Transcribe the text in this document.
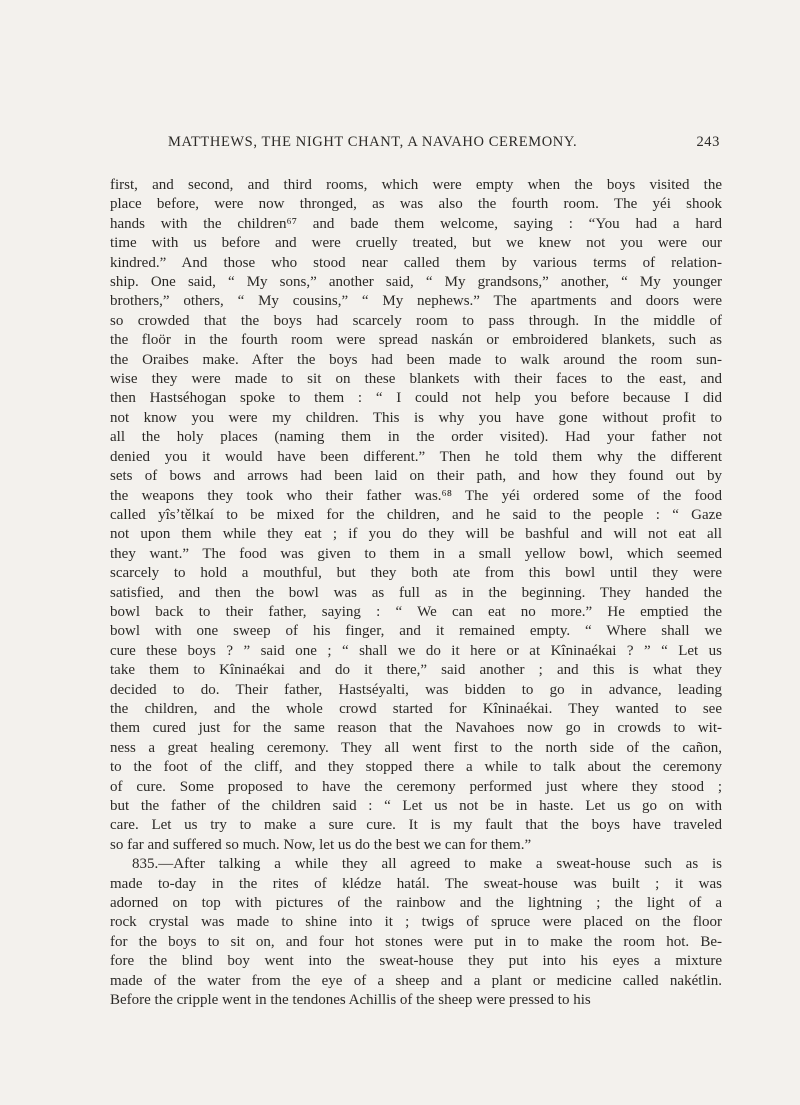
MATTHEWS, THE NIGHT CHANT, A NAVAHO CEREMONY.	243

first, and second, and third rooms, which were empty when the boys visited the

place before, were now thronged, as was also the fourth room. The yéi shook

hands with the children⁶⁷ and bade them welcome, saying : “You had a hard

time with us before and were cruelly treated, but we knew not you were our

kindred.” And those who stood near called them by various terms of relation-

ship. One said, “ My sons,” another said, “ My grandsons,” another, “ My younger

brothers,” others, “ My cousins,” “ My nephews.” The apartments and doors were

so crowded that the boys had scarcely room to pass through. In the middle of

the floör in the fourth room were spread naskán or embroidered blankets, such as

the Oraibes make. After the boys had been made to walk around the room sun-

wise they were made to sit on these blankets with their faces to the east, and

then Hastséhogan spoke to them : “ I could not help you before because I did

not know you were my children. This is why you have gone without profit to

all the holy places (naming them in the order visited). Had your father not

denied you it would have been different.” Then he told them why the different

sets of bows and arrows had been laid on their path, and how they found out by

the weapons they took who their father was.⁶⁸ The yéi ordered some of the food

called yîsʼtělkaí to be mixed for the children, and he said to the people : “ Gaze

not upon them while they eat ; if you do they will be bashful and will not eat all

they want.” The food was given to them in a small yellow bowl, which seemed

scarcely to hold a mouthful, but they both ate from this bowl until they were

satisfied, and then the bowl was as full as in the beginning. They handed the

bowl back to their father, saying : “ We can eat no more.” He emptied the

bowl with one sweep of his finger, and it remained empty. “ Where shall we

cure these boys ? ” said one ; “ shall we do it here or at Kîninaékai ? ” “ Let us

take them to Kîninaékai and do it there,” said another ; and this is what they

decided to do. Their father, Hastséyalti, was bidden to go in advance, leading

the children, and the whole crowd started for Kîninaékai. They wanted to see

them cured just for the same reason that the Navahoes now go in crowds to wit-

ness a great healing ceremony. They all went first to the north side of the cañon,

to the foot of the cliff, and they stopped there a while to talk about the ceremony

of cure. Some proposed to have the ceremony performed just where they stood ;

but the father of the children said : “ Let us not be in haste. Let us go on with

care. Let us try to make a sure cure. It is my fault that the boys have traveled

so far and suffered so much. Now, let us do the best we can for them.”

835.—After talking a while they all agreed to make a sweat-house such as is

made to-day in the rites of klédze hatál. The sweat-house was built ; it was

adorned on top with pictures of the rainbow and the lightning ; the light of a

rock crystal was made to shine into it ; twigs of spruce were placed on the floor

for the boys to sit on, and four hot stones were put in to make the room hot. Be-

fore the blind boy went into the sweat-house they put into his eyes a mixture

made of the water from the eye of a sheep and a plant or medicine called nakétlin.

Before the cripple went in the tendones Achillis of the sheep were pressed to his
